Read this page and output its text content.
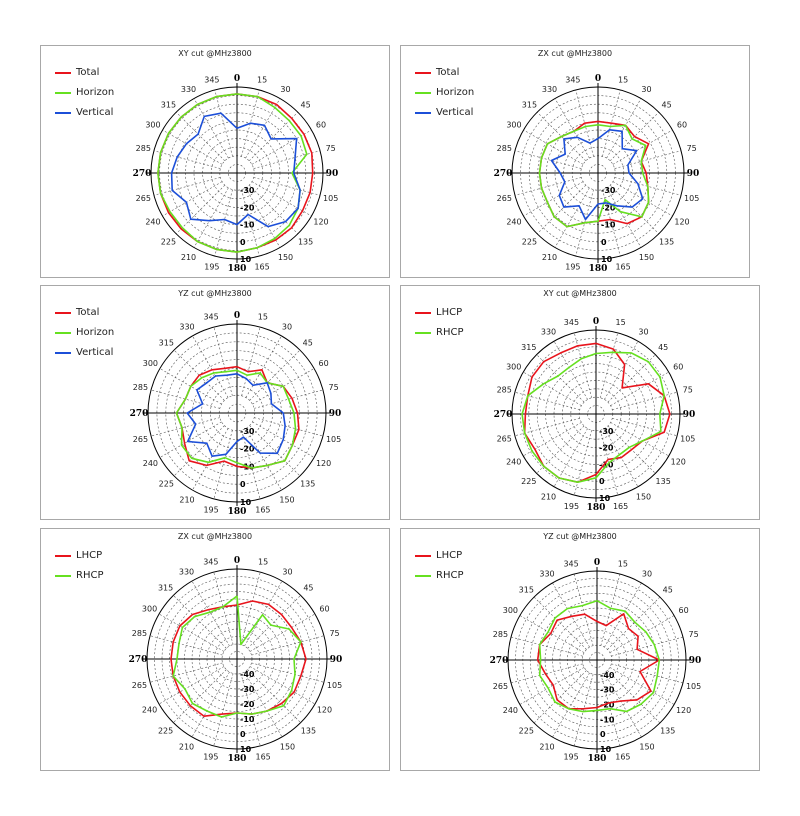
XY cut @MHz3800
0 15
30
45
60
75
90
105
120
135
150
165
180
195
210
225
240
265
270
285
300
315
330
345
-30
-20
-10
0
10
Total
Horizon
Vertical
ZX cut @MHz3800
0 15
30
45
60
75
90
105
120
135
150
165
180
195
210
225
240
265
270
285
300
315
330
345
-30
-20
-10
0
10
Total
Horizon
Vertical
YZ cut @MHz3800
0 15
30
45
60
75
90
105
120
135
150
165
180
195
210
225
240
265
270
285
300
315
330
345
-30
-20
-10
0
10
Total
Horizon
Vertical
XY cut @MHz3800
0 15
30
45
60
75
90
105
120
135
150
165
180
195
210
225
240
265
270
285
300
315
330
345
-30
-20
-10
0
10
LHCP
RHCP
ZX cut @MHz3800
0 15
30
45
60
75
90
105
120
135
150
165
180
195
210
225
240
265
270
285
300
315
330
345
-40
-30
-20
-10
0
10
LHCP
RHCP
YZ cut @MHz3800
0 15
30
45
60
75
90
105
120
135
150
165
180
195
210
225
240
265
270
285
300
315
330
345
-40
-30
-20
-10
0
10
LHCP
RHCP
